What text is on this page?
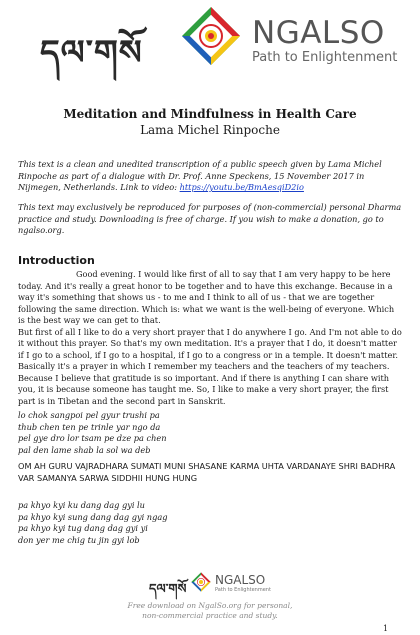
དལ་གསོ	NGALSO
Path to Enlightenment
Meditation and Mindfulness in Health Care
Lama Michel Rinpoche
This text is a clean and unedited transcription of a public speech given by Lama Michel Rinpoche as part of a dialogue with Dr. Prof. Anne Speckens, 15 November 2017 in Nijmegen, Netherlands. Link to video: https://youtu.be/BmAesqiD2io
This text may exclusively be reproduced for purposes of (non-commercial) personal Dharma practice and study. Downloading is free of charge. If you wish to make a donation, go to ngalso.org.
Introduction

Good evening. I would like first of all to say that I am very happy to be here today. And it's really a great honor to be together and to have this exchange. Because in a way it's something that shows us - to me and I think to all of us - that we are together following the same direction. Which is: what we want is the well-being of everyone. Which is the best way we can get to that.

But first of all I like to do a very short prayer that I do anywhere I go. And I'm not able to do it without this prayer. So that's my own meditation. It's a prayer that I do, it doesn't matter if I go to a school, if I go to a hospital, if I go to a congress or in a temple. It doesn't matter. Basically it's a prayer in which I remember my teachers and the teachers of my teachers. Because I believe that gratitude is so important. And if there is anything I can share with you, it is because someone has taught me. So, I like to make a very short prayer, the first part is in Tibetan and the second part in Sanskrit.

lo chok sangpoi pel gyur trushi pa
thub chen ten pe trinle yar ngo da
pel gye dro lor tsam pe dze pa chen
pal den lame shab la sol wa deb
OM AH GURU VAJRADHARA SUMATI MUNI SHASANE KARMA UHTA VARDANAYE SHRI BADHRA VAR SAMANYA SARWA SIDDHII HUNG HUNG
pa khyo kyi ku dang dag gyi lu
pa khyo kyi sung dang dag gyi ngag
pa khyo kyi tug dang dag gyi yi
don yer me chig tu jin gyi lob
དལ་གསོ
NGALSO
Path to Enlightenment
Free download on NgalSo.org for personal,
non-commercial practice and study.
1
